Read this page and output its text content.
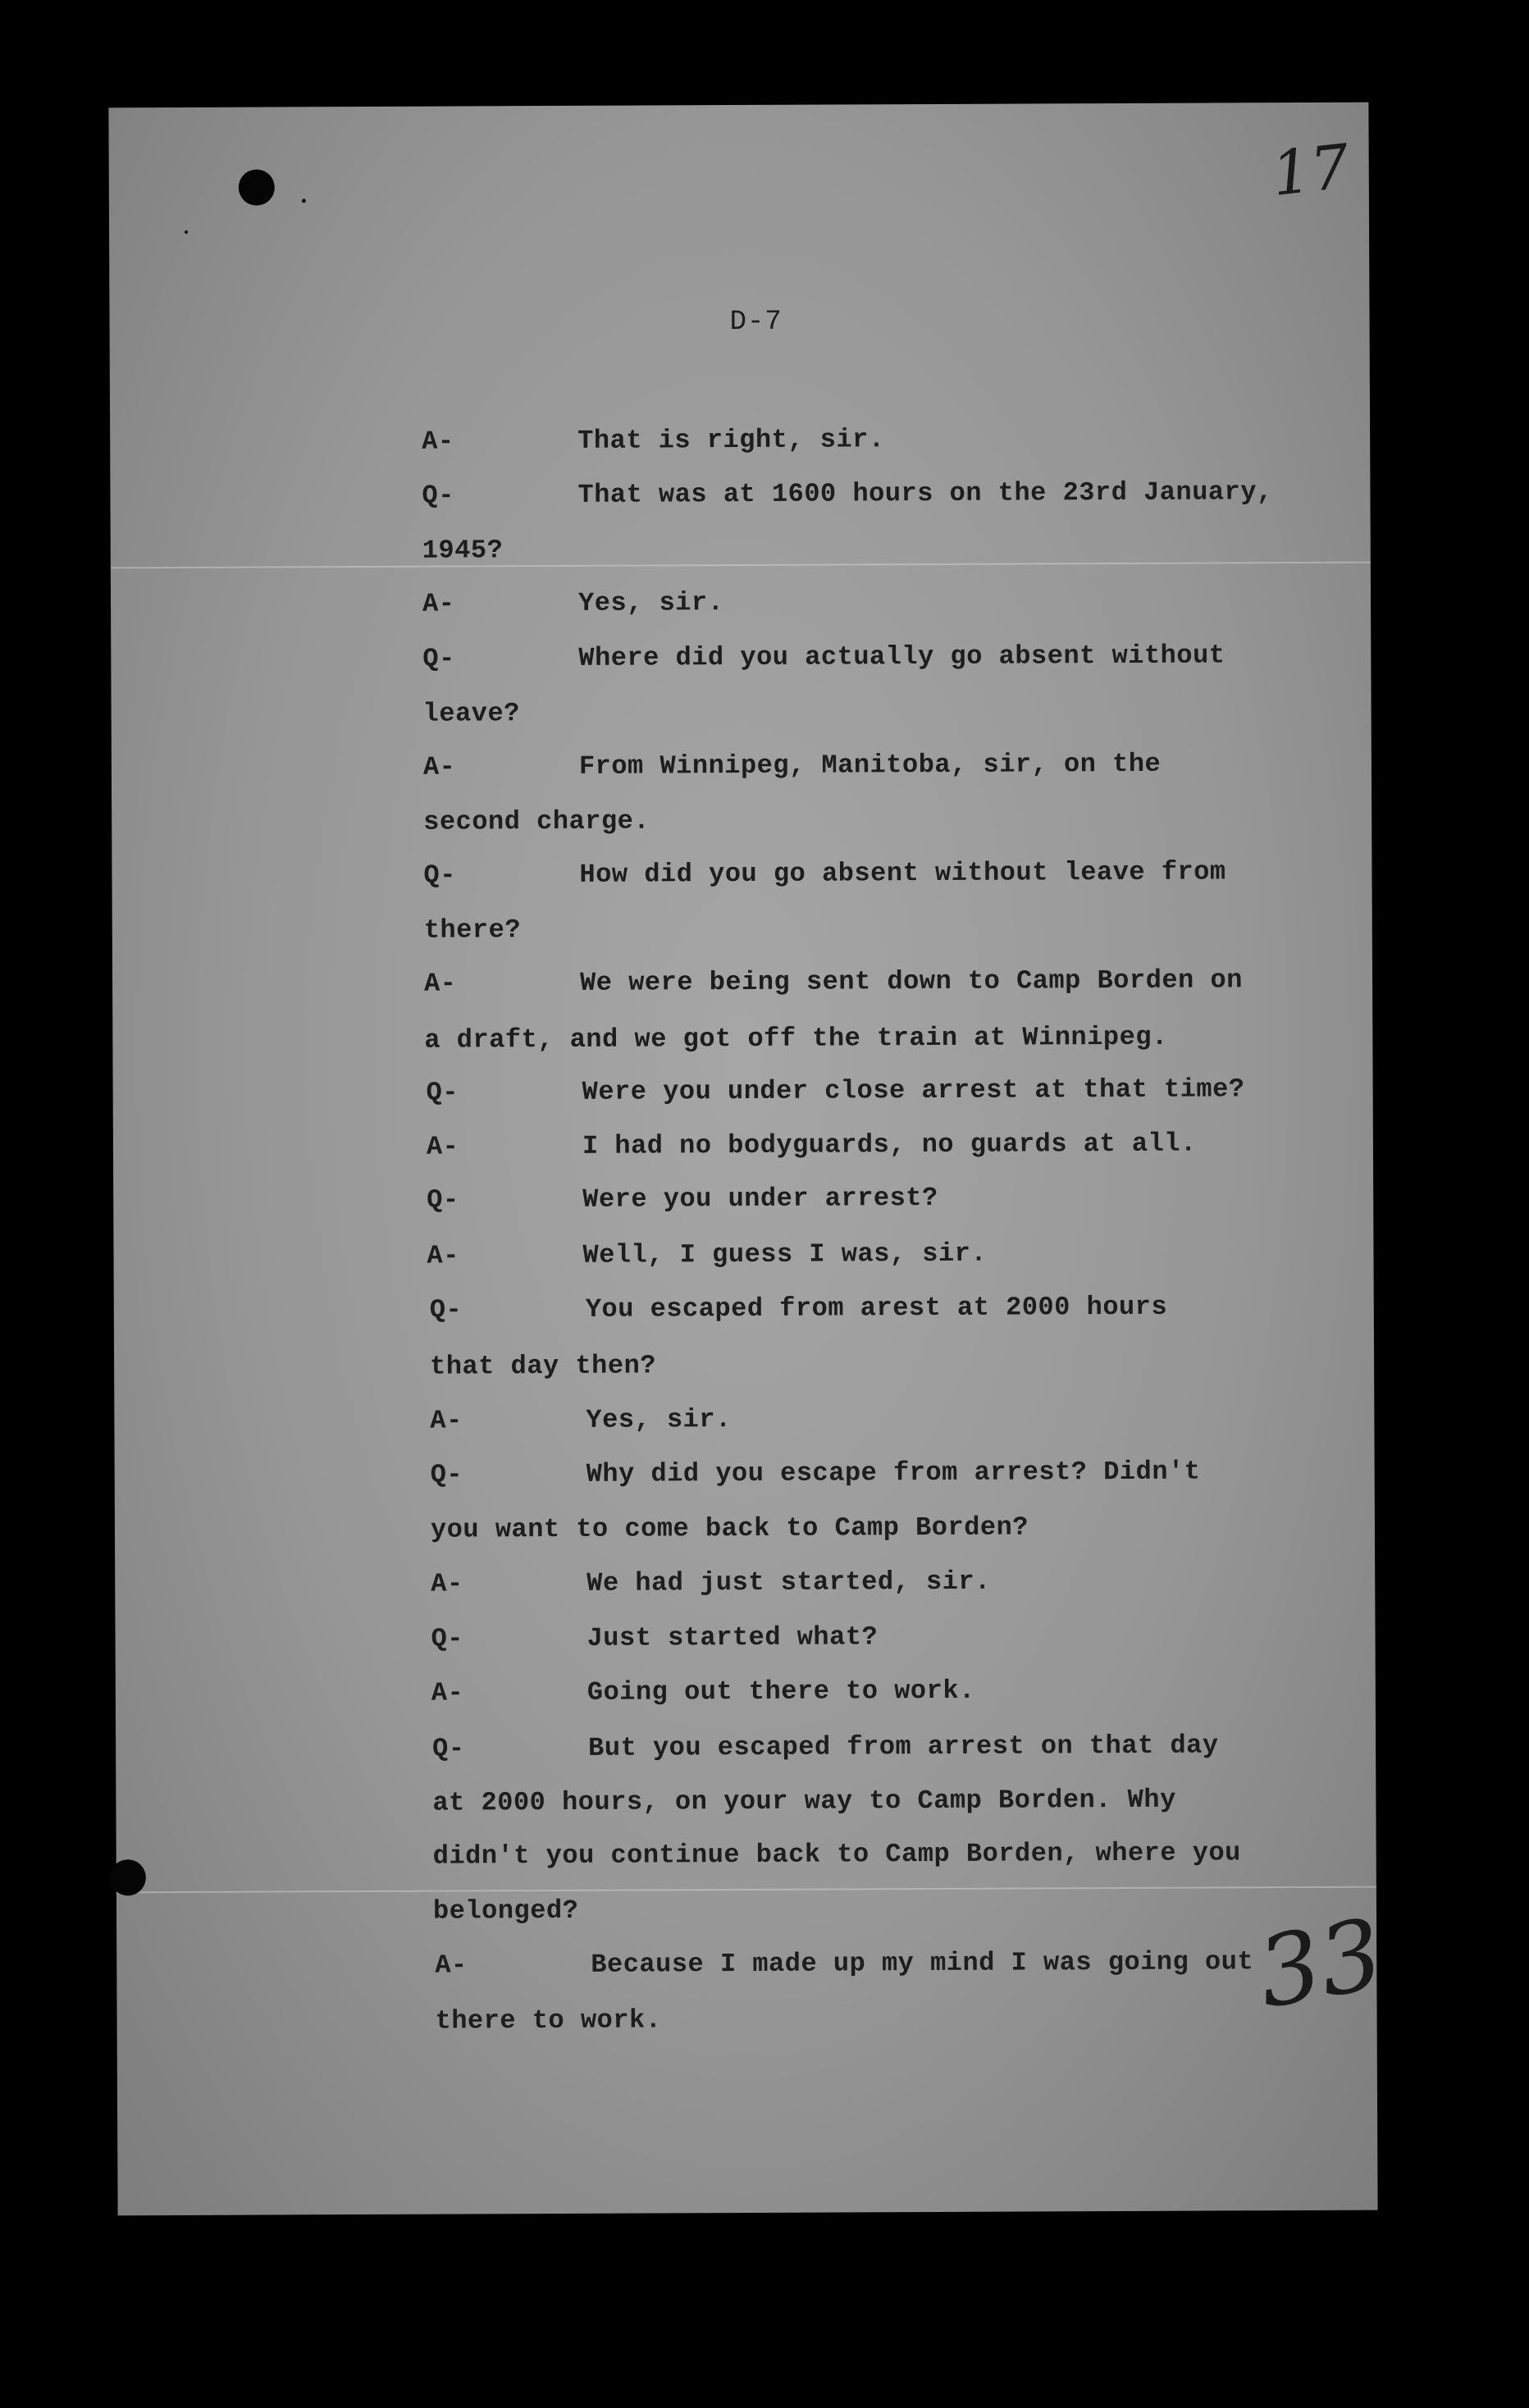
17
33
D-7
A-	That is right, sir.
Q-	That was at 1600 hours on the 23rd January,
1945?
A-	Yes, sir.
Q-	Where did you actually go absent without
leave?
A-	From Winnipeg, Manitoba, sir, on the
second charge.
Q-	How did you go absent without leave from
there?
A-	We were being sent down to Camp Borden on
a draft, and we got off the train at Winnipeg.
Q-	Were you under close arrest at that time?
A-	I had no bodyguards, no guards at all.
Q-	Were you under arrest?
A-	Well, I guess I was, sir.
Q-	You escaped from arest at 2000 hours
that day then?
A-	Yes, sir.
Q-	Why did you escape from arrest? Didn't
you want to come back to Camp Borden?
A-	We had just started, sir.
Q-	Just started what?
A-	Going out there to work.
Q-	But you escaped from arrest on that day
at 2000 hours, on your way to Camp Borden. Why
didn't you continue back to Camp Borden, where you
belonged?
A-	Because I made up my mind I was going out
there to work.
